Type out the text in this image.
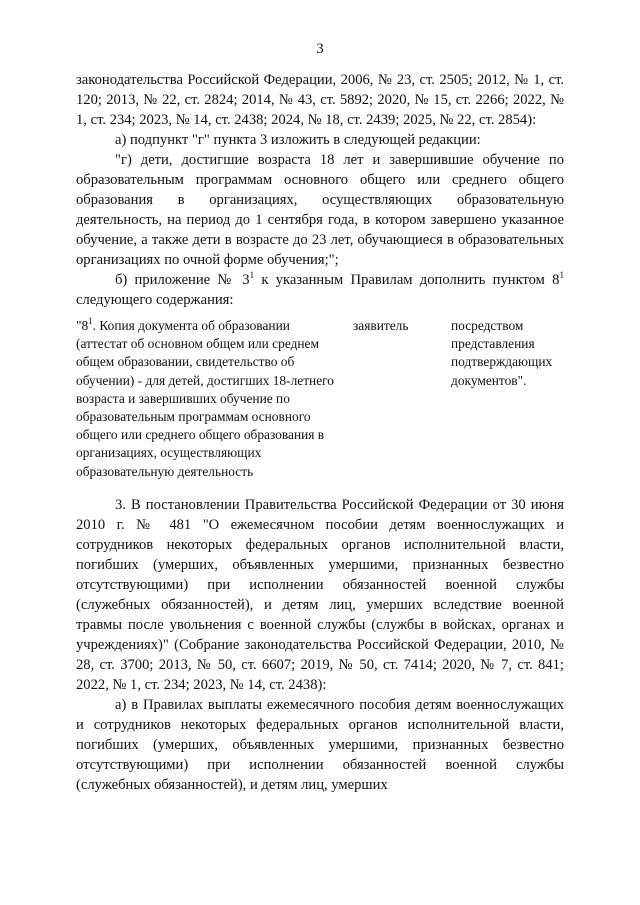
3

законодательства Российской Федерации, 2006, № 23, ст. 2505; 2012, № 1, ст. 120; 2013, № 22, ст. 2824; 2014, № 43, ст. 5892; 2020, № 15, ст. 2266; 2022, № 1, ст. 234; 2023, № 14, ст. 2438; 2024, № 18, ст. 2439; 2025, № 22, ст. 2854):

а) подпункт "г" пункта 3 изложить в следующей редакции:

"г) дети, достигшие возраста 18 лет и завершившие обучение по образовательным программам основного общего или среднего общего образования в организациях, осуществляющих образовательную деятельность, на период до 1 сентября года, в котором завершено указанное обучение, а также дети в возрасте до 23 лет, обучающиеся в образовательных организациях по очной форме обучения;";

б) приложение № $3^1$ к указанным Правилам дополнить пунктом $8^1$ следующего содержания:

"$8^1$. Копия документа об образовании (аттестат об основном общем или среднем общем образовании, свидетельство об обучении) - для детей, достигших 18-летнего возраста и завершивших обучение по образовательным программам основного общего или среднего общего образования в организациях, осуществляющих образовательную деятельность
заявитель	посредством представления подтверждающих документов".

3. В постановлении Правительства Российской Федерации от 30 июня 2010 г. № 481 "О ежемесячном пособии детям военнослужащих и сотрудников некоторых федеральных органов исполнительной власти, погибших (умерших, объявленных умершими, признанных безвестно отсутствующими) при исполнении обязанностей военной службы (служебных обязанностей), и детям лиц, умерших вследствие военной травмы после увольнения с военной службы (службы в войсках, органах и учреждениях)" (Собрание законодательства Российской Федерации, 2010, № 28, ст. 3700; 2013, № 50, ст. 6607; 2019, № 50, ст. 7414; 2020, № 7, ст. 841; 2022, № 1, ст. 234; 2023, № 14, ст. 2438):

а) в Правилах выплаты ежемесячного пособия детям военнослужащих и сотрудников некоторых федеральных органов исполнительной власти, погибших (умерших, объявленных умершими, признанных безвестно отсутствующими) при исполнении обязанностей военной службы (служебных обязанностей), и детям лиц, умерших
